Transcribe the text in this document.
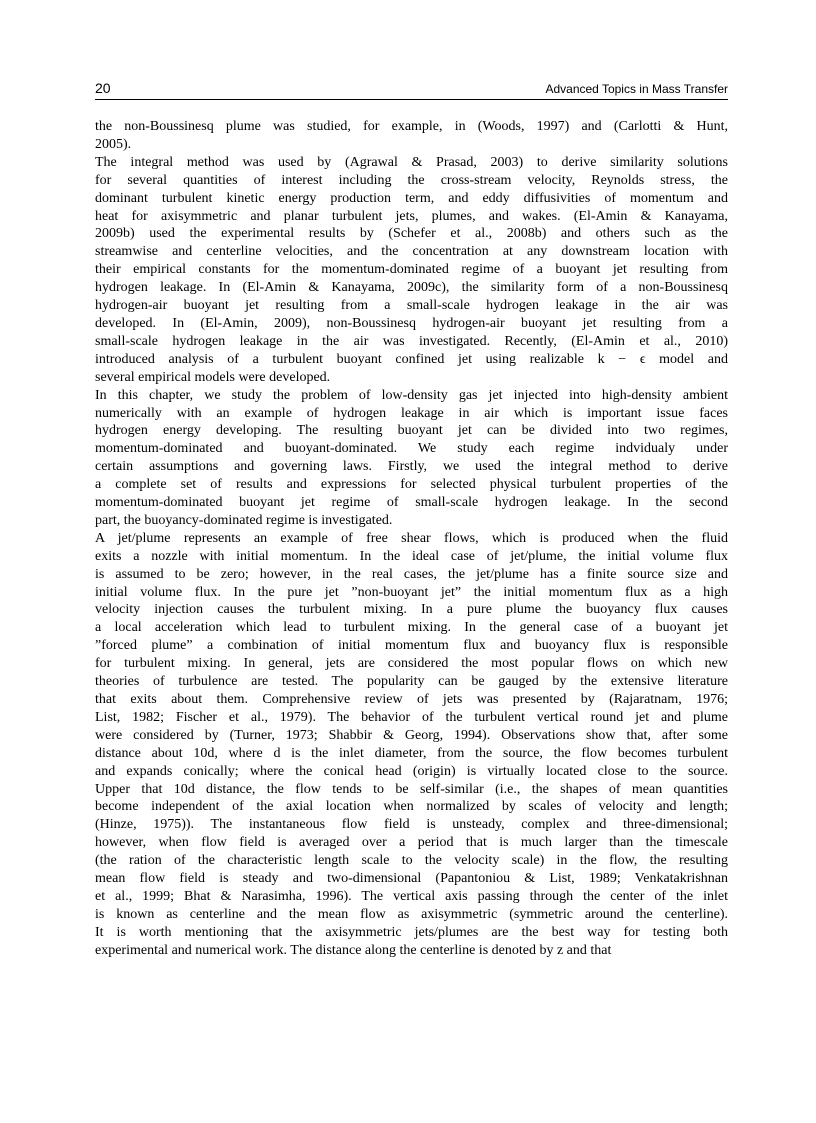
20	Advanced Topics in Mass Transfer
the non-Boussinesq plume was studied, for example, in (Woods, 1997) and (Carlotti & Hunt,
2005).
The integral method was used by (Agrawal & Prasad, 2003) to derive similarity solutions
for several quantities of interest including the cross-stream velocity, Reynolds stress, the
dominant turbulent kinetic energy production term, and eddy diffusivities of momentum and
heat for axisymmetric and planar turbulent jets, plumes, and wakes. (El-Amin & Kanayama,
2009b) used the experimental results by (Schefer et al., 2008b) and others such as the
streamwise and centerline velocities, and the concentration at any downstream location with
their empirical constants for the momentum-dominated regime of a buoyant jet resulting from
hydrogen leakage. In (El-Amin & Kanayama, 2009c), the similarity form of a non-Boussinesq
hydrogen-air buoyant jet resulting from a small-scale hydrogen leakage in the air was
developed. In (El-Amin, 2009), non-Boussinesq hydrogen-air buoyant jet resulting from a
small-scale hydrogen leakage in the air was investigated. Recently, (El-Amin et al., 2010)
introduced analysis of a turbulent buoyant confined jet using realizable k − ϵ model and
several empirical models were developed.
In this chapter, we study the problem of low-density gas jet injected into high-density ambient
numerically with an example of hydrogen leakage in air which is important issue faces
hydrogen energy developing. The resulting buoyant jet can be divided into two regimes,
momentum-dominated and buoyant-dominated. We study each regime indvidualy under
certain assumptions and governing laws. Firstly, we used the integral method to derive
a complete set of results and expressions for selected physical turbulent properties of the
momentum-dominated buoyant jet regime of small-scale hydrogen leakage. In the second
part, the buoyancy-dominated regime is investigated.
A jet/plume represents an example of free shear flows, which is produced when the fluid
exits a nozzle with initial momentum. In the ideal case of jet/plume, the initial volume flux
is assumed to be zero; however, in the real cases, the jet/plume has a finite source size and
initial volume flux. In the pure jet ”non-buoyant jet” the initial momentum flux as a high
velocity injection causes the turbulent mixing. In a pure plume the buoyancy flux causes
a local acceleration which lead to turbulent mixing. In the general case of a buoyant jet
”forced plume” a combination of initial momentum flux and buoyancy flux is responsible
for turbulent mixing. In general, jets are considered the most popular flows on which new
theories of turbulence are tested. The popularity can be gauged by the extensive literature
that exits about them. Comprehensive review of jets was presented by (Rajaratnam, 1976;
List, 1982; Fischer et al., 1979). The behavior of the turbulent vertical round jet and plume
were considered by (Turner, 1973; Shabbir & Georg, 1994). Observations show that, after some
distance about 10d, where d is the inlet diameter, from the source, the flow becomes turbulent
and expands conically; where the conical head (origin) is virtually located close to the source.
Upper that 10d distance, the flow tends to be self-similar (i.e., the shapes of mean quantities
become independent of the axial location when normalized by scales of velocity and length;
(Hinze, 1975)). The instantaneous flow field is unsteady, complex and three-dimensional;
however, when flow field is averaged over a period that is much larger than the timescale
(the ration of the characteristic length scale to the velocity scale) in the flow, the resulting
mean flow field is steady and two-dimensional (Papantoniou & List, 1989; Venkatakrishnan
et al., 1999; Bhat & Narasimha, 1996). The vertical axis passing through the center of the inlet
is known as centerline and the mean flow as axisymmetric (symmetric around the centerline).
It is worth mentioning that the axisymmetric jets/plumes are the best way for testing both
experimental and numerical work. The distance along the centerline is denoted by z and that
